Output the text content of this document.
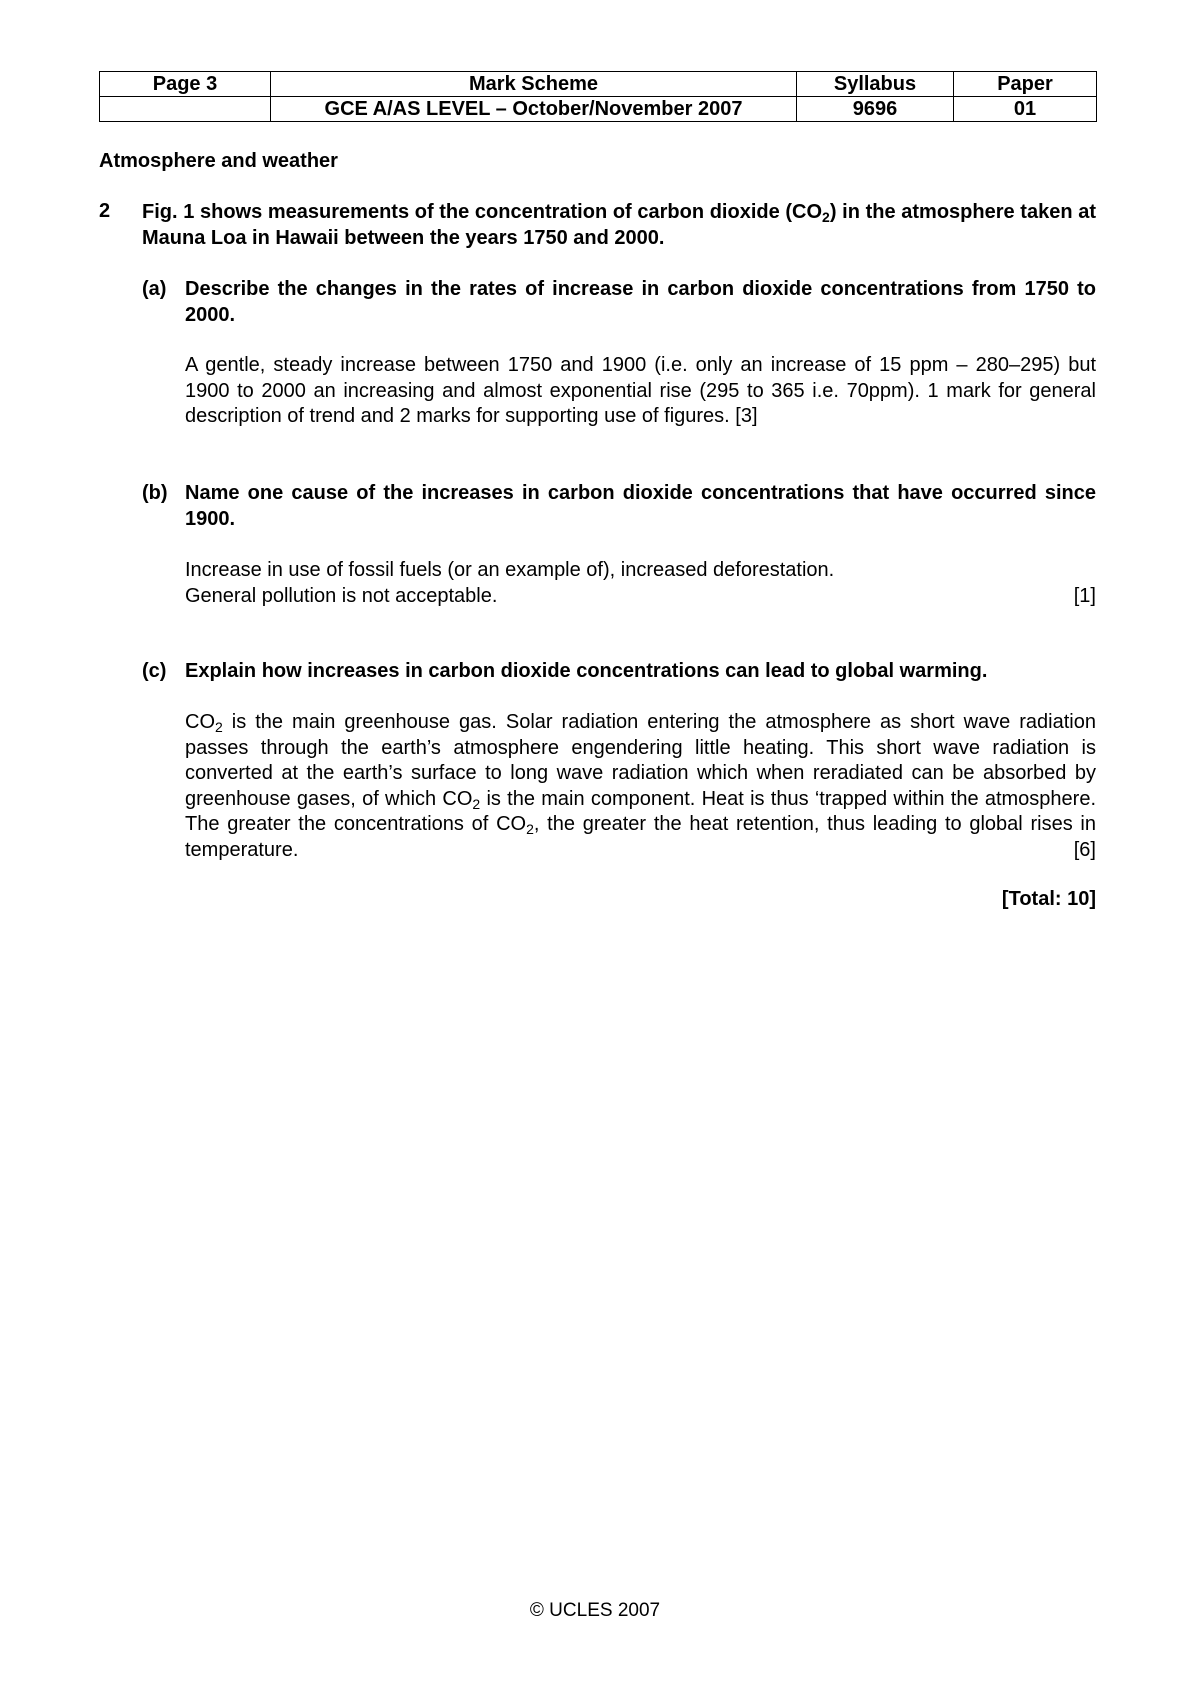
Page 3	Mark Scheme	Syllabus	Paper
	GCE A/AS LEVEL – October/November 2007	9696	01
Atmosphere and weather
2 Fig. 1 shows measurements of the concentration of carbon dioxide $(CO_2)$ in the atmosphere taken at Mauna Loa in Hawaii between the years 1750 and 2000.

(a) Describe the changes in the rates of increase in carbon dioxide concentrations from 1750 to 2000.

A gentle, steady increase between 1750 and 1900 (i.e. only an increase of 15 ppm – 280–295) but 1900 to 2000 an increasing and almost exponential rise (295 to 365 i.e. 70ppm). 1 mark for general description of trend and 2 marks for supporting use of figures. [3]

(b) Name one cause of the increases in carbon dioxide concentrations that have occurred since 1900.

Increase in use of fossil fuels (or an example of), increased deforestation.
General pollution is not acceptable.	[1]
(c) Explain how increases in carbon dioxide concentrations can lead to global warming.

$CO_2$ is the main greenhouse gas. Solar radiation entering the atmosphere as short wave radiation passes through the earth’s atmosphere engendering little heating. This short wave radiation is converted at the earth’s surface to long wave radiation which when reradiated can be absorbed by greenhouse gases, of which $CO_2$ is the main component. Heat is thus ‘trapped within the atmosphere. The greater the concentrations of $CO_2$, the greater the heat retention, thus leading to global rises in temperature.	[6]

[Total: 10]
© UCLES 2007
